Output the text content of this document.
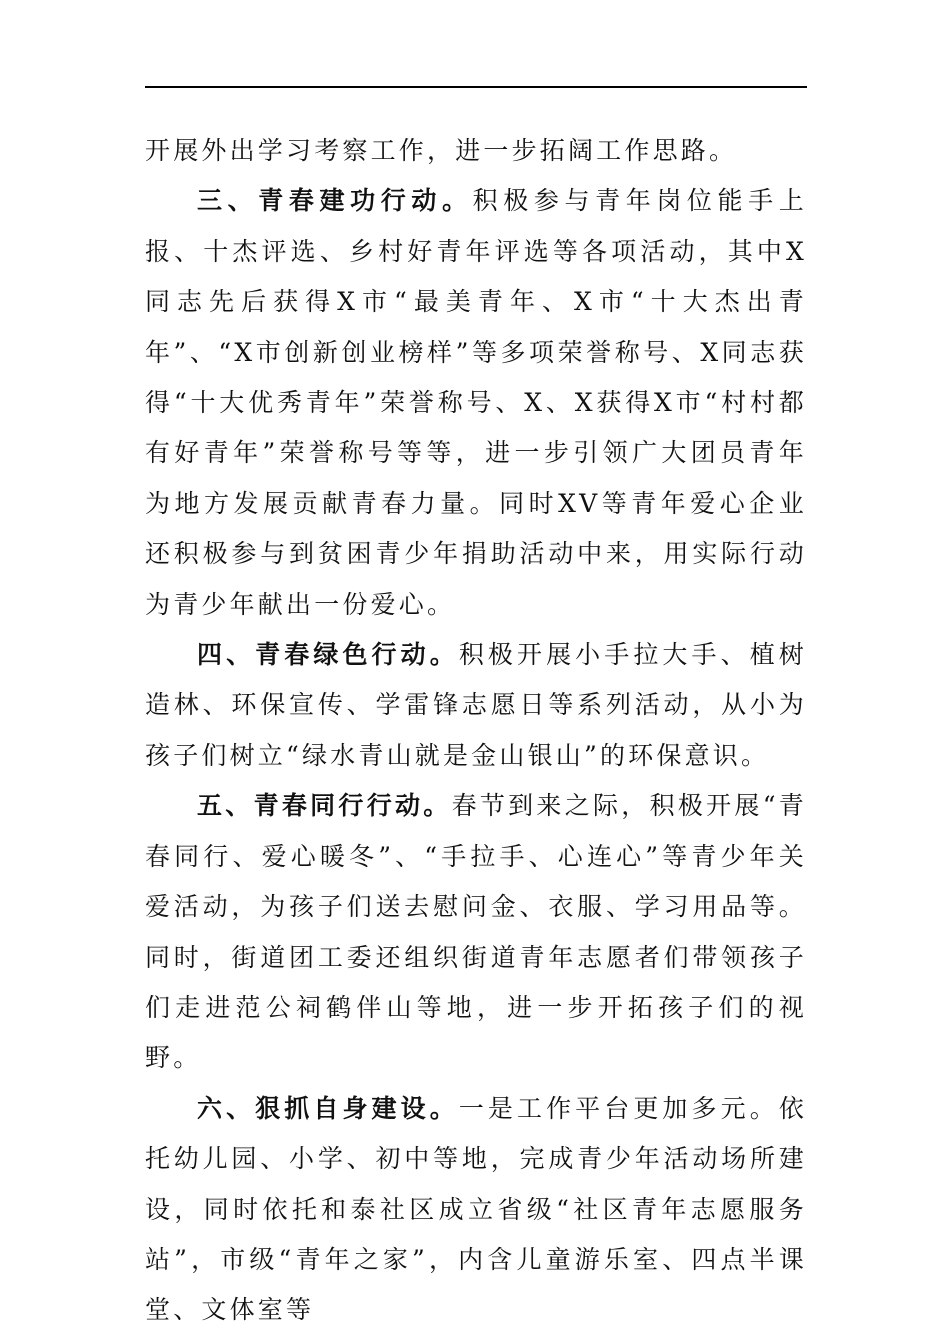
开展外出学习考察工作，进一步拓阔工作思路。

三、青春建功行动。积极参与青年岗位能手上报、十杰评选、乡村好青年评选等各项活动，其中X同志先后获得X市“最美青年、X市“十大杰出青年”、“X市创新创业榜样”等多项荣誉称号、X同志获得“十大优秀青年”荣誉称号、X、X获得X市“村村都有好青年”荣誉称号等等，进一步引领广大团员青年为地方发展贡献青春力量。同时XV等青年爱心企业还积极参与到贫困青少年捐助活动中来，用实际行动为青少年献出一份爱心。

四、青春绿色行动。积极开展小手拉大手、植树造林、环保宣传、学雷锋志愿日等系列活动，从小为孩子们树立“绿水青山就是金山银山”的环保意识。

五、青春同行行动。春节到来之际，积极开展“青春同行、爱心暖冬”、“手拉手、心连心”等青少年关爱活动，为孩子们送去慰问金、衣服、学习用品等。同时，街道团工委还组织街道青年志愿者们带领孩子们走进范公祠鹤伴山等地，进一步开拓孩子们的视野。

六、狠抓自身建设。一是工作平台更加多元。依托幼儿园、小学、初中等地，完成青少年活动场所建设，同时依托和泰社区成立省级“社区青年志愿服务站”，市级“青年之家”，内含儿童游乐室、四点半课堂、文体室等
